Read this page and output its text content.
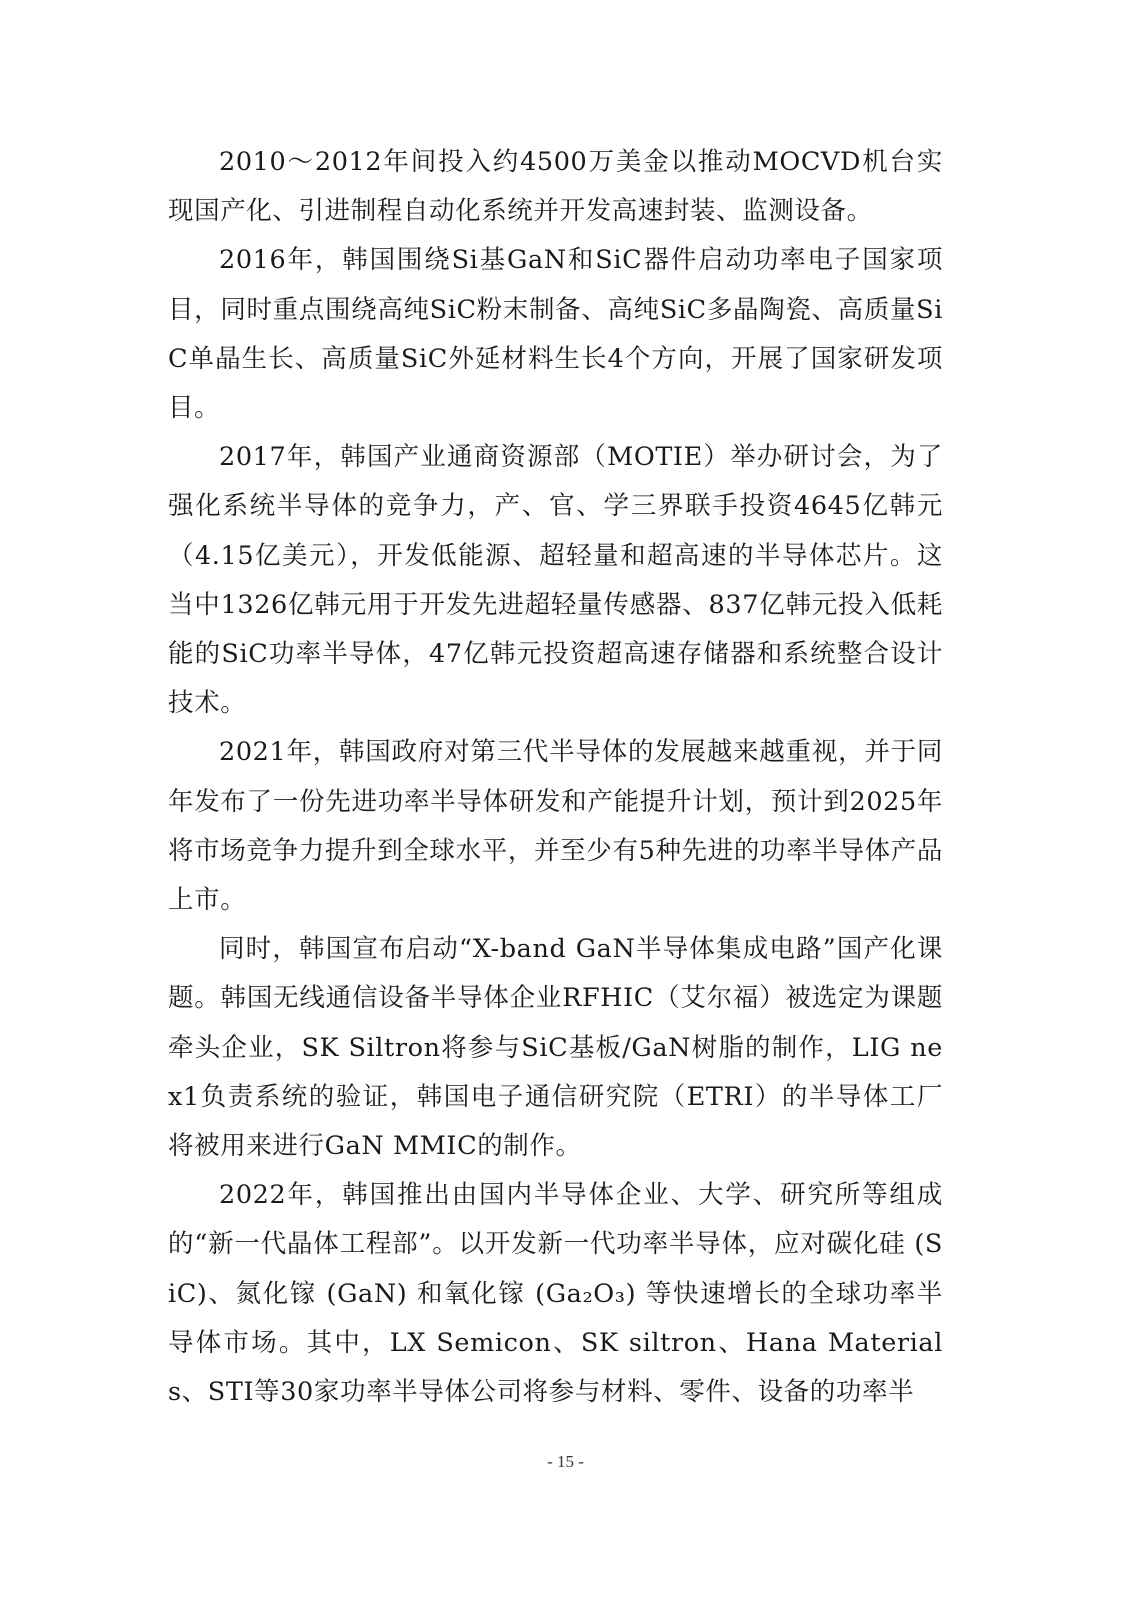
2010～2012年间投入约4500万美金以推动MOCVD机台实现国产化、引进制程自动化系统并开发高速封装、监测设备。

2016年，韩国围绕Si基GaN和SiC器件启动功率电子国家项目，同时重点围绕高纯SiC粉末制备、高纯SiC多晶陶瓷、高质量SiC单晶生长、高质量SiC外延材料生长4个方向，开展了国家研发项目。

2017年，韩国产业通商资源部（MOTIE）举办研讨会，为了强化系统半导体的竞争力，产、官、学三界联手投资4645亿韩元（4.15亿美元），开发低能源、超轻量和超高速的半导体芯片。这当中1326亿韩元用于开发先进超轻量传感器、837亿韩元投入低耗能的SiC功率半导体，47亿韩元投资超高速存储器和系统整合设计技术。

2021年，韩国政府对第三代半导体的发展越来越重视，并于同年发布了一份先进功率半导体研发和产能提升计划，预计到2025年将市场竞争力提升到全球水平，并至少有5种先进的功率半导体产品上市。

同时，韩国宣布启动“X-band GaN半导体集成电路”国产化课题。韩国无线通信设备半导体企业RFHIC（艾尔福）被选定为课题牵头企业，SK Siltron将参与SiC基板/GaN树脂的制作，LIG nex1负责系统的验证，韩国电子通信研究院（ETRI）的半导体工厂将被用来进行GaN MMIC的制作。

2022年，韩国推出由国内半导体企业、大学、研究所等组成的“新一代晶体工程部”。以开发新一代功率半导体，应对碳化硅 (SiC)、氮化镓 (GaN) 和氧化镓 (Ga₂O₃) 等快速增长的全球功率半导体市场。其中，LX Semicon、SK siltron、Hana Materials、STI等30家功率半导体公司将参与材料、零件、设备的功率半

- 15 -
